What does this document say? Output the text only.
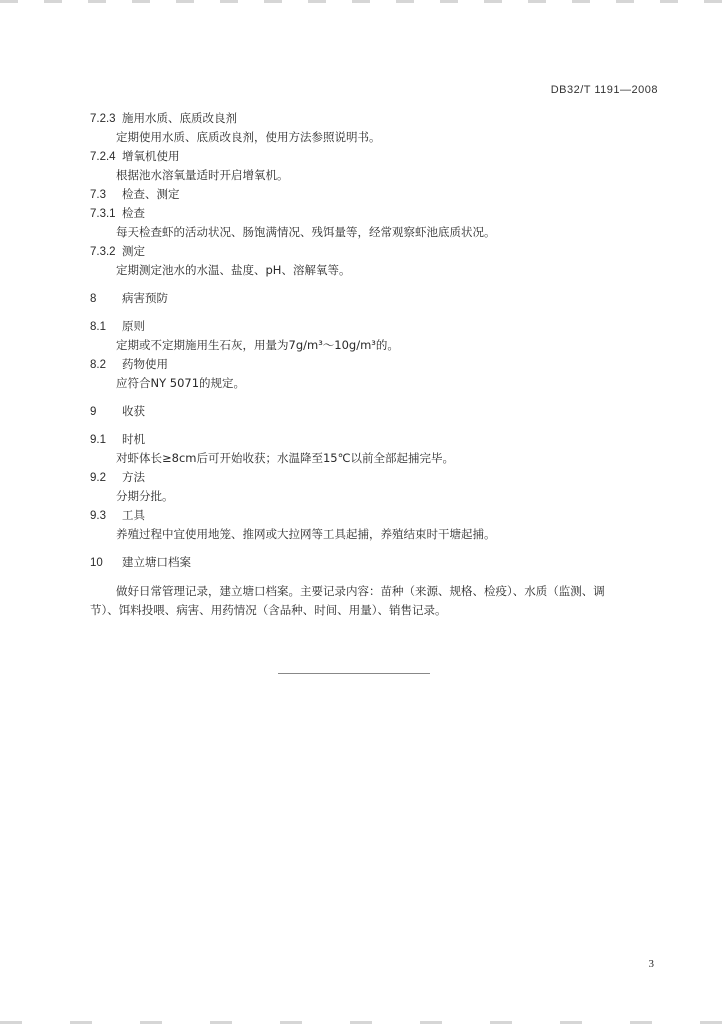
DB32/T 1191—2008
7.2.3 施用水质、底质改良剂
定期使用水质、底质改良剂，使用方法参照说明书。
7.2.4 增氧机使用
根据池水溶氧量适时开启增氧机。
7.3 检查、测定
7.3.1 检查
每天检查虾的活动状况、肠饱满情况、残饵量等，经常观察虾池底质状况。
7.3.2 测定
定期测定池水的水温、盐度、pH、溶解氧等。
8 病害预防
8.1 原则
定期或不定期施用生石灰，用量为7g/m³～10g/m³的。
8.2 药物使用
应符合NY 5071的规定。
9 收获
9.1 时机
对虾体长≥8cm后可开始收获；水温降至15℃以前全部起捕完毕。
9.2 方法
分期分批。
9.3 工具
养殖过程中宜使用地笼、推网或大拉网等工具起捕，养殖结束时干塘起捕。
10 建立塘口档案
做好日常管理记录，建立塘口档案。主要记录内容：苗种（来源、规格、检疫）、水质（监测、调
节）、饵料投喂、病害、用药情况（含品种、时间、用量）、销售记录。
3
